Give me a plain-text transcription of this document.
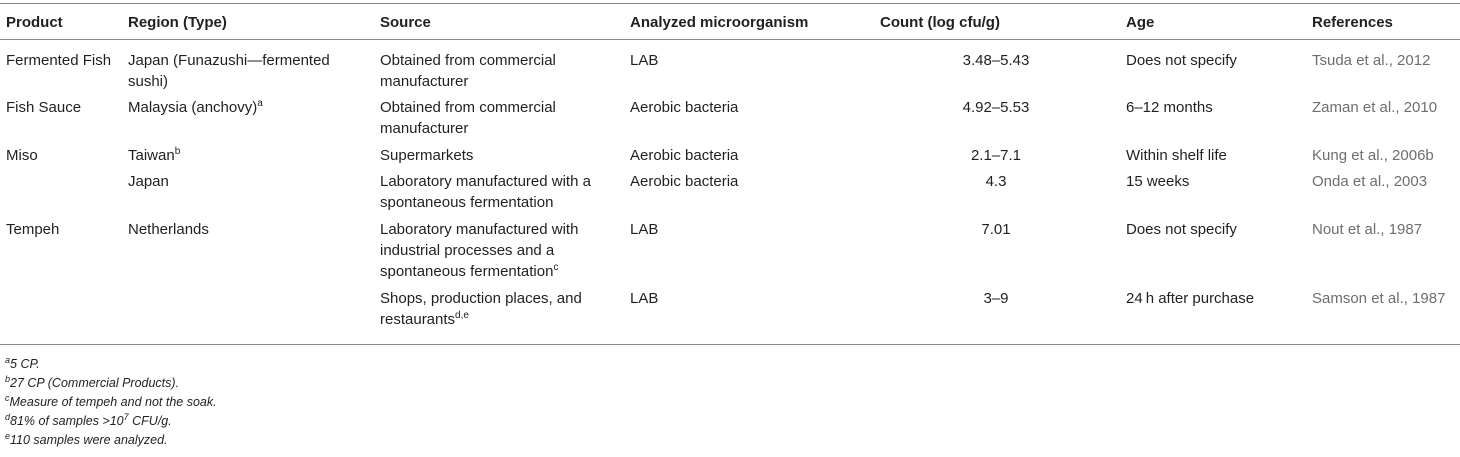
Product	Region (Type)	Source	Analyzed microorganism	Count (log cfu/g)	Age	References
Fermented Fish	Japan (Funazushi—fermented sushi)	Obtained from commercial manufacturer	LAB	3.48–5.43	Does not specify	Tsuda et al., 2012
Fish Sauce	Malaysia (anchovy)$^a$	Obtained from commercial manufacturer	Aerobic bacteria	4.92–5.53	6–12 months	Zaman et al., 2010
Miso	Taiwan$^b$	Supermarkets	Aerobic bacteria	2.1–7.1	Within shelf life	Kung et al., 2006b
	Japan	Laboratory manufactured with a spontaneous fermentation	Aerobic bacteria	4.3	15 weeks	Onda et al., 2003
Tempeh	Netherlands	Laboratory manufactured with industrial processes and a spontaneous fermentation$^c$	LAB	7.01	Does not specify	Nout et al., 1987
		Shops, production places, and restaurants$^{d,e}$	LAB	3–9	24 h after purchase	Samson et al., 1987
$^a$5 CP.
$^b$27 CP (Commercial Products).
$^c$Measure of tempeh and not the soak.
$^d$81% of samples $>10^7$ CFU/g.
$^e$110 samples were analyzed.
